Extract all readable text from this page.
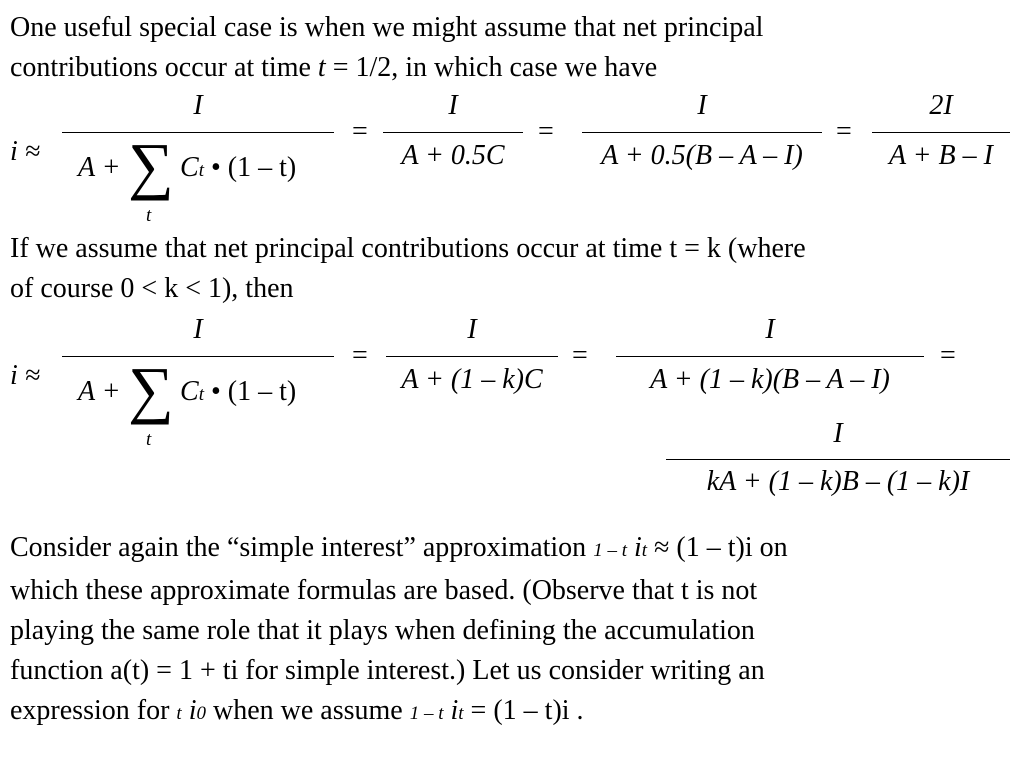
One useful special case is when we might assume that net principal
contributions occur at time t = 1/2, in which case we have
i ≈
I
A + ∑ Ct • (1 – t)
t
=
I
A + 0.5C
=
I
A + 0.5(B – A – I)
=
2I
A + B – I
If we assume that net principal contributions occur at time t = k (where
of course 0 < k < 1), then
i ≈
I
A + ∑ Ct • (1 – t)
t
=
I
A + (1 – k)C
=
I
A + (1 – k)(B – A – I)
=
I
kA + (1 – k)B – (1 – k)I
Consider again the “simple interest” approximation 1 – t it ≈ (1 – t)i on
which these approximate formulas are based. (Observe that t is not
playing the same role that it plays when defining the accumulation
function a(t) = 1 + ti for simple interest.) Let us consider writing an
expression for t i0 when we assume 1 – t it = (1 – t)i .
